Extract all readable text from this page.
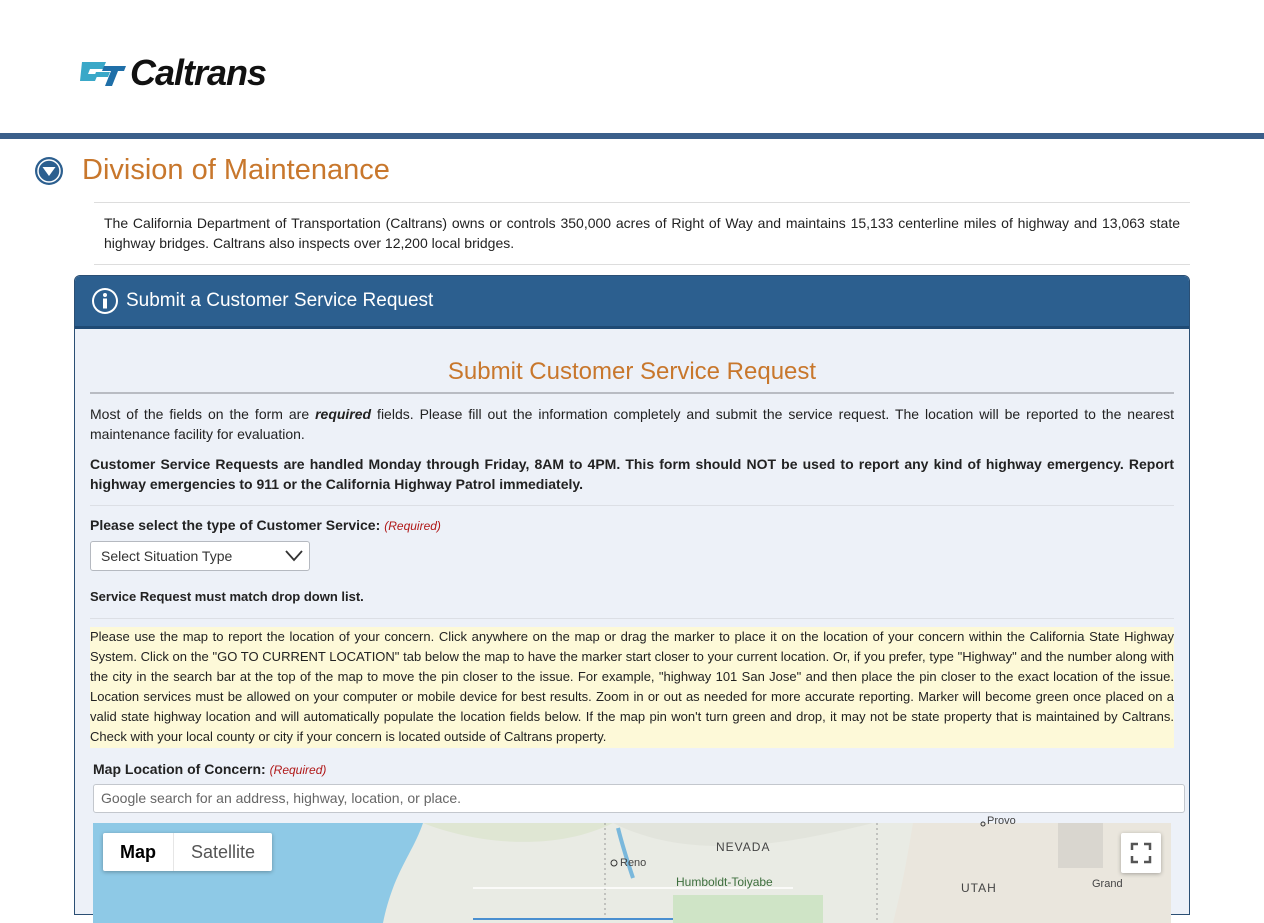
Caltrans
Division of Maintenance
The California Department of Transportation (Caltrans) owns or controls 350,000 acres of Right of Way and maintains 15,133 centerline miles of highway and 13,063 state highway bridges. Caltrans also inspects over 12,200 local bridges.
Submit a Customer Service Request
Submit Customer Service Request
Most of the fields on the form are required fields. Please fill out the information completely and submit the service request. The location will be reported to the nearest maintenance facility for evaluation.
Customer Service Requests are handled Monday through Friday, 8AM to 4PM. This form should NOT be used to report any kind of highway emergency. Report highway emergencies to 911 or the California Highway Patrol immediately.
Please select the type of Customer Service: (Required)
Select Situation Type
Service Request must match drop down list.
Please use the map to report the location of your concern. Click anywhere on the map or drag the marker to place it on the location of your concern within the California State Highway System. Click on the "GO TO CURRENT LOCATION" tab below the map to have the marker start closer to your current location. Or, if you prefer, type "Highway" and the number along with the city in the search bar at the top of the map to move the pin closer to the issue. For example, "highway 101 San Jose" and then place the pin closer to the exact location of the issue. Location services must be allowed on your computer or mobile device for best results. Zoom in or out as needed for more accurate reporting. Marker will become green once placed on a valid state highway location and will automatically populate the location fields below. If the map pin won't turn green and drop, it may not be state property that is maintained by Caltrans. Check with your local county or city if your concern is located outside of Caltrans property.
Map Location of Concern: (Required)
Google search for an address, highway, location, or place.
NEVADA
Reno
Humboldt-Toiyabe	UTAH	Grand
Provo
Map	Satellite
